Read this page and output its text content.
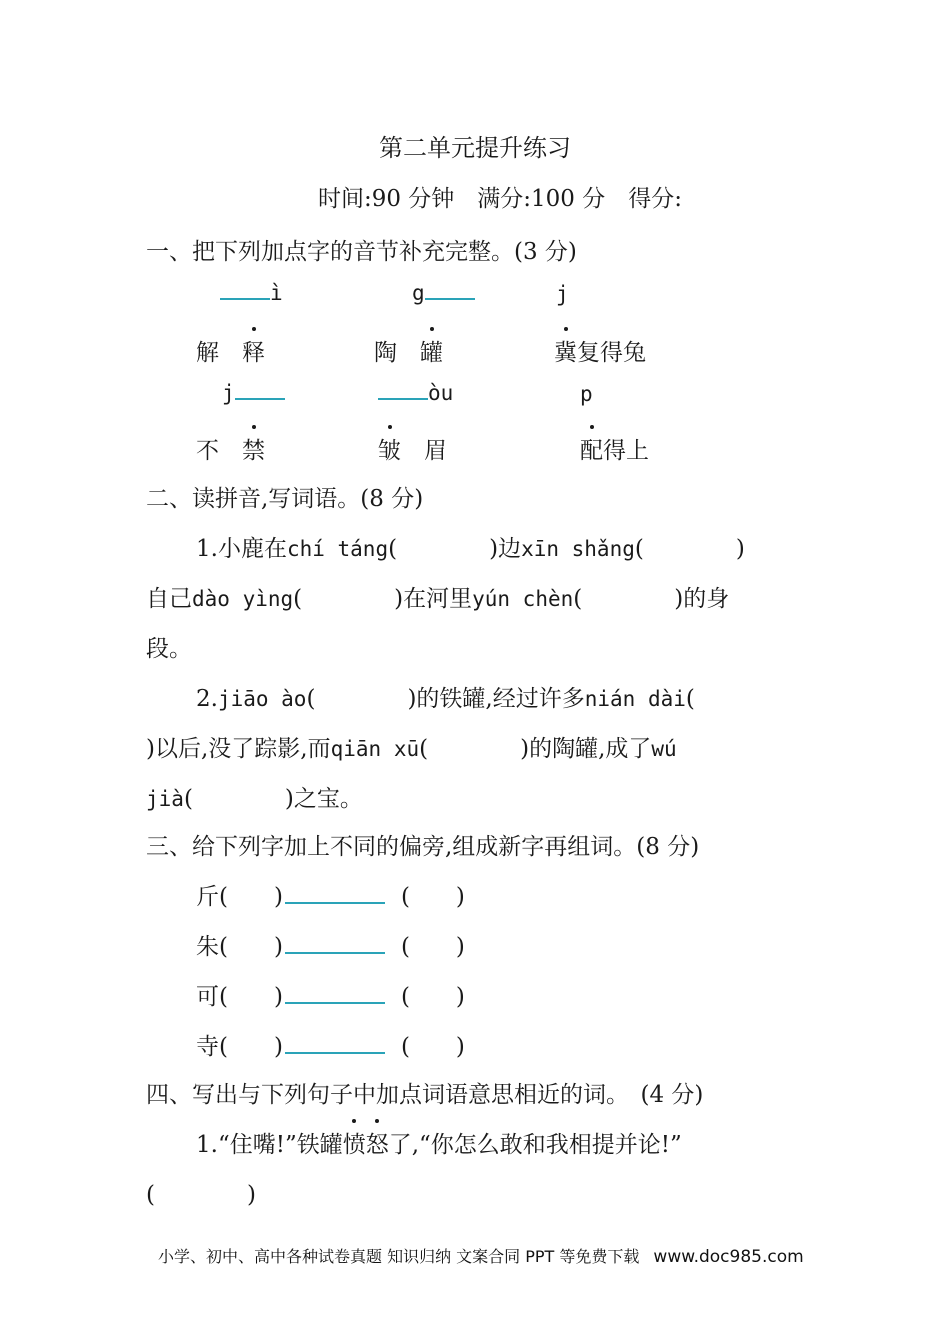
第二单元提升练习
时间:90 分钟　满分:100 分　得分:
一、把下列加点字的音节补充完整。(3 分)
ì	g	j
解　 释	陶　 罐	冀复得兔
j	òu	p
不　 禁	皱　 眉	配得上
二、读拼音,写词语。(8 分)
1.小鹿在chí táng(　　　　)边xīn shǎng(　　　　)
自己dào yìng(　　　　)在河里yún chèn(　　　　)的身
段。
2.jiāo ào(　　　　)的铁罐,经过许多nián dài(
)以后,没了踪影,而qiān xū(　　　　)的陶罐,成了wú
jià(　　　　)之宝。
三、给下列字加上不同的偏旁,组成新字再组词。(8 分)
斤(　　)	(　　)
朱(　　)	(　　)
可(　　)	(　　)
寺(　　)	(　　)
四、写出与下列句子中加点词语意思相近的词。　(4 分)
1.“住嘴!”铁罐愤怒了,“你怎么敢和我相提并论!”
(　　　　)
小学、初中、高中各种试卷真题 知识归纳 文案合同 PPT 等免费下载 www.doc985.com
